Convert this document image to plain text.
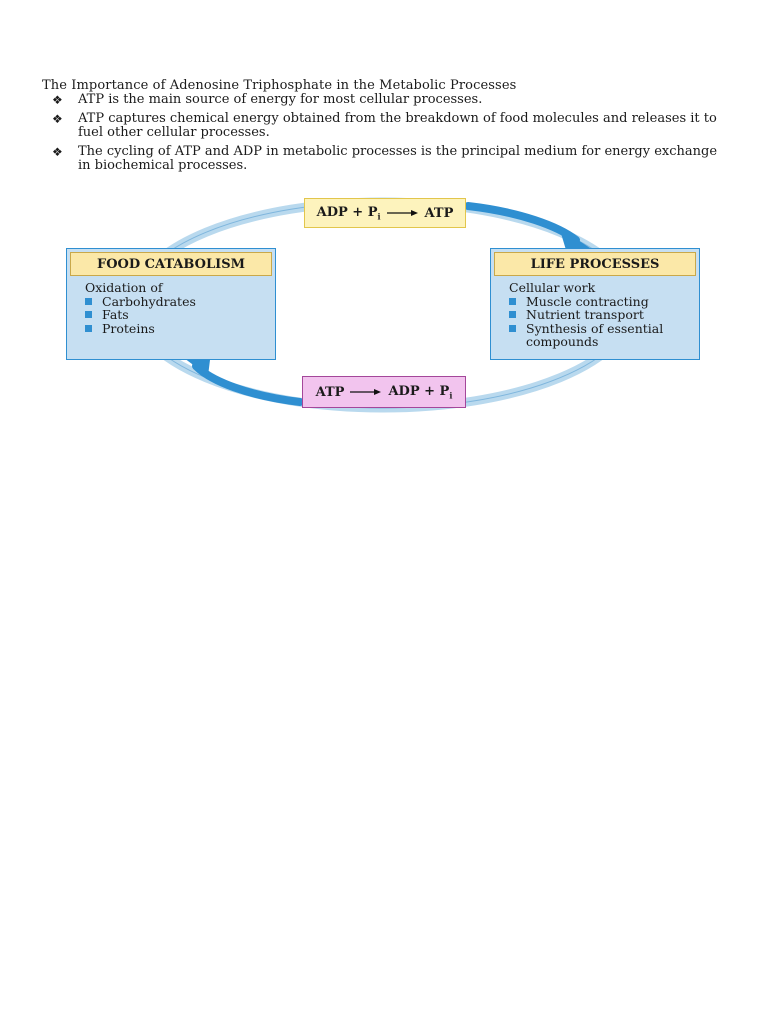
The Importance of Adenosine Triphosphate in the Metabolic Processes
❖	ATP is the main source of energy for most cellular processes.
❖	ATP captures chemical energy obtained from the breakdown of food molecules and releases it to fuel other cellular processes.
❖	The cycling of ATP and ADP in metabolic processes is the principal medium for energy exchange in biochemical processes.
ADP + $P_i$ → ATP
ATP → ADP + $P_i$
FOOD CATABOLISM
Oxidation of
Carbohydrates
Fats
Proteins
LIFE PROCESSES
Cellular work
Muscle contracting
Nutrient transport
Synthesis of essential compounds
